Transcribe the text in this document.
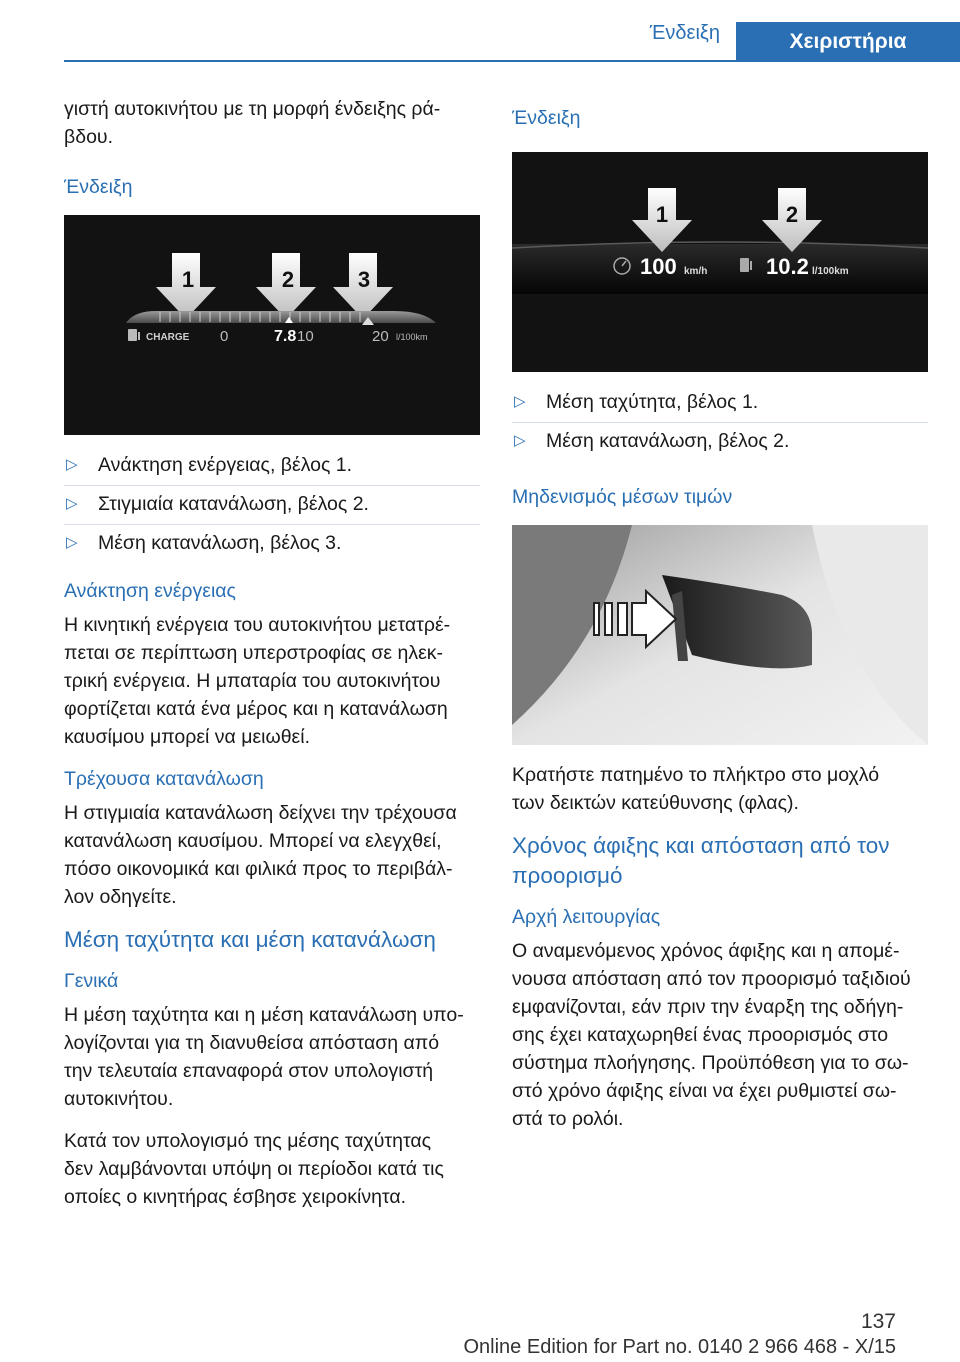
Ένδειξη	Χειριστήρια

γιστή αυτοκινήτου με τη μορφή ένδειξης ρά-
βδου.

Ένδειξη
1	2	3
CHARGE 0	7.8 10	20 l/100km
▷ Ανάκτηση ενέργειας, βέλος 1.
▷ Στιγμιαία κατανάλωση, βέλος 2.
▷ Μέση κατανάλωση, βέλος 3.
Ανάκτηση ενέργειας

Η κινητική ενέργεια του αυτοκινήτου μετατρέ-
πεται σε περίπτωση υπερστροφίας σε ηλεκ-
τρική ενέργεια. Η μπαταρία του αυτοκινήτου
φορτίζεται κατά ένα μέρος και η κατανάλωση
καυσίμου μπορεί να μειωθεί.

Τρέχουσα κατανάλωση

Η στιγμιαία κατανάλωση δείχνει την τρέχουσα
κατανάλωση καυσίμου. Μπορεί να ελεγχθεί,
πόσο οικονομικά και φιλικά προς το περιβάλ-
λον οδηγείτε.

Μέση ταχύτητα και μέση κατανάλωση
Γενικά

Η μέση ταχύτητα και η μέση κατανάλωση υπο-
λογίζονται για τη διανυθείσα απόσταση από
την τελευταία επαναφορά στον υπολογιστή
αυτοκινήτου.

Κατά τον υπολογισμό της μέσης ταχύτητας
δεν λαμβάνονται υπόψη οι περίοδοι κατά τις
οποίες ο κινητήρας έσβησε χειροκίνητα.

Ένδειξη
1	2
100 km/h	10.2 l/100km
▷ Μέση ταχύτητα, βέλος 1.
▷ Μέση κατανάλωση, βέλος 2.
Μηδενισμός μέσων τιμών

Κρατήστε πατημένο το πλήκτρο στο μοχλό
των δεικτών κατεύθυνσης (φλας).

Χρόνος άφιξης και απόσταση από τον
προορισμό
Αρχή λειτουργίας

Ο αναμενόμενος χρόνος άφιξης και η απομέ-
νουσα απόσταση από τον προορισμό ταξιδιού
εμφανίζονται, εάν πριν την έναρξη της οδήγη-
σης έχει καταχωρηθεί ένας προορισμός στο
σύστημα πλοήγησης. Προϋπόθεση για το σω-
στό χρόνο άφιξης είναι να έχει ρυθμιστεί σω-
στά το ρολόι.

137
Online Edition for Part no. 0140 2 966 468 - X/15
